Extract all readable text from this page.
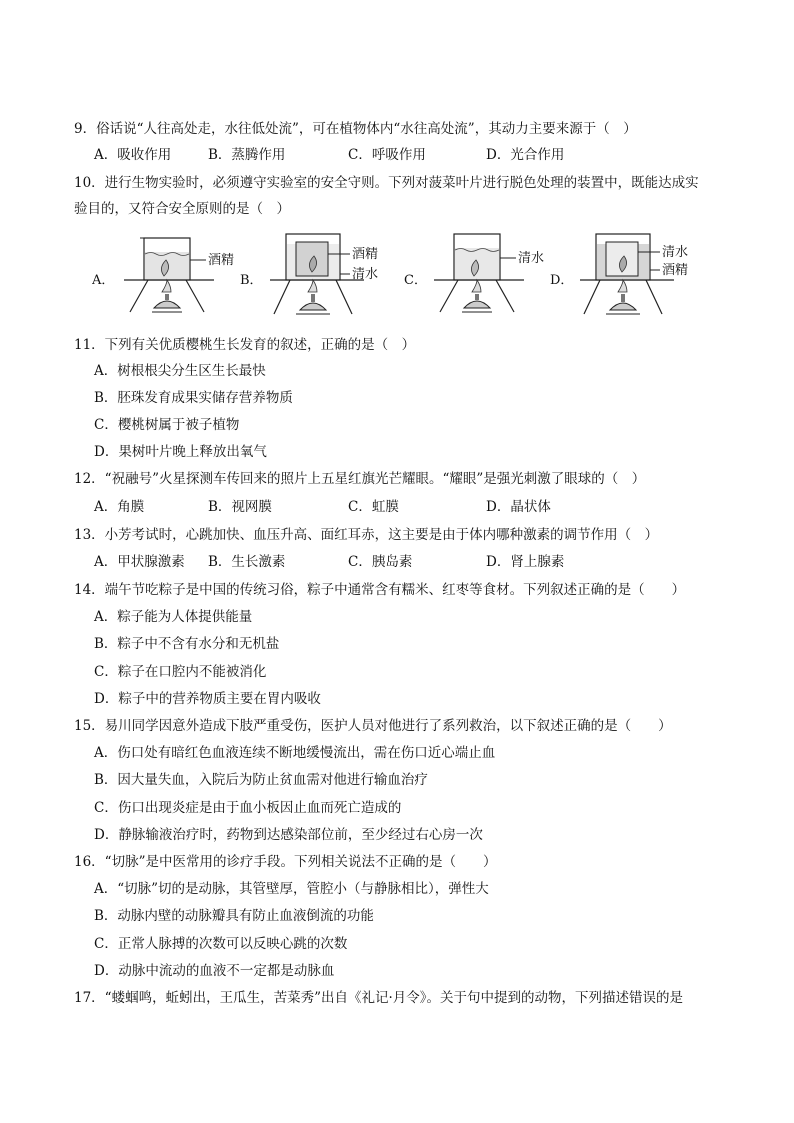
9．俗话说“人往高处走，水往低处流”，可在植物体内“水往高处流”，其动力主要来源于（　）
A．吸收作用	B．蒸腾作用	C．呼吸作用	D．光合作用
10．进行生物实验时，必须遵守实验室的安全守则。下列对菠菜叶片进行脱色处理的装置中，既能达成实
验目的，又符合安全原则的是（　）
A．	B．	C．	D．
酒精	酒精
清水
清水	清水
酒精
11．下列有关优质樱桃生长发育的叙述，正确的是（　）
A．树根根尖分生区生长最快
B．胚珠发育成果实储存营养物质
C．樱桃树属于被子植物
D．果树叶片晚上释放出氧气
12．“祝融号”火星探测车传回来的照片上五星红旗光芒耀眼。“耀眼”是强光刺激了眼球的（　）
A．角膜	B．视网膜	C．虹膜	D．晶状体
13．小芳考试时，心跳加快、血压升高、面红耳赤，这主要是由于体内哪种激素的调节作用（　）
A．甲状腺激素 B．生长激素	C．胰岛素	D．肾上腺素
14．端午节吃粽子是中国的传统习俗，粽子中通常含有糯米、红枣等食材。下列叙述正确的是（　　）
A．粽子能为人体提供能量
B．粽子中不含有水分和无机盐
C．粽子在口腔内不能被消化
D．粽子中的营养物质主要在胃内吸收
15．易川同学因意外造成下肢严重受伤，医护人员对他进行了系列救治，以下叙述正确的是（　　）
A．伤口处有暗红色血液连续不断地缓慢流出，需在伤口近心端止血
B．因大量失血，入院后为防止贫血需对他进行输血治疗
C．伤口出现炎症是由于血小板因止血而死亡造成的
D．静脉输液治疗时，药物到达感染部位前，至少经过右心房一次
16．“切脉”是中医常用的诊疗手段。下列相关说法不正确的是（　　）
A．“切脉”切的是动脉，其管壁厚，管腔小（与静脉相比），弹性大
B．动脉内壁的动脉瓣具有防止血液倒流的功能
C．正常人脉搏的次数可以反映心跳的次数
D．动脉中流动的血液不一定都是动脉血
17．“蝼蝈鸣，蚯蚓出，王瓜生，苦菜秀”出自《礼记·月令》。关于句中提到的动物，下列描述错误的是
